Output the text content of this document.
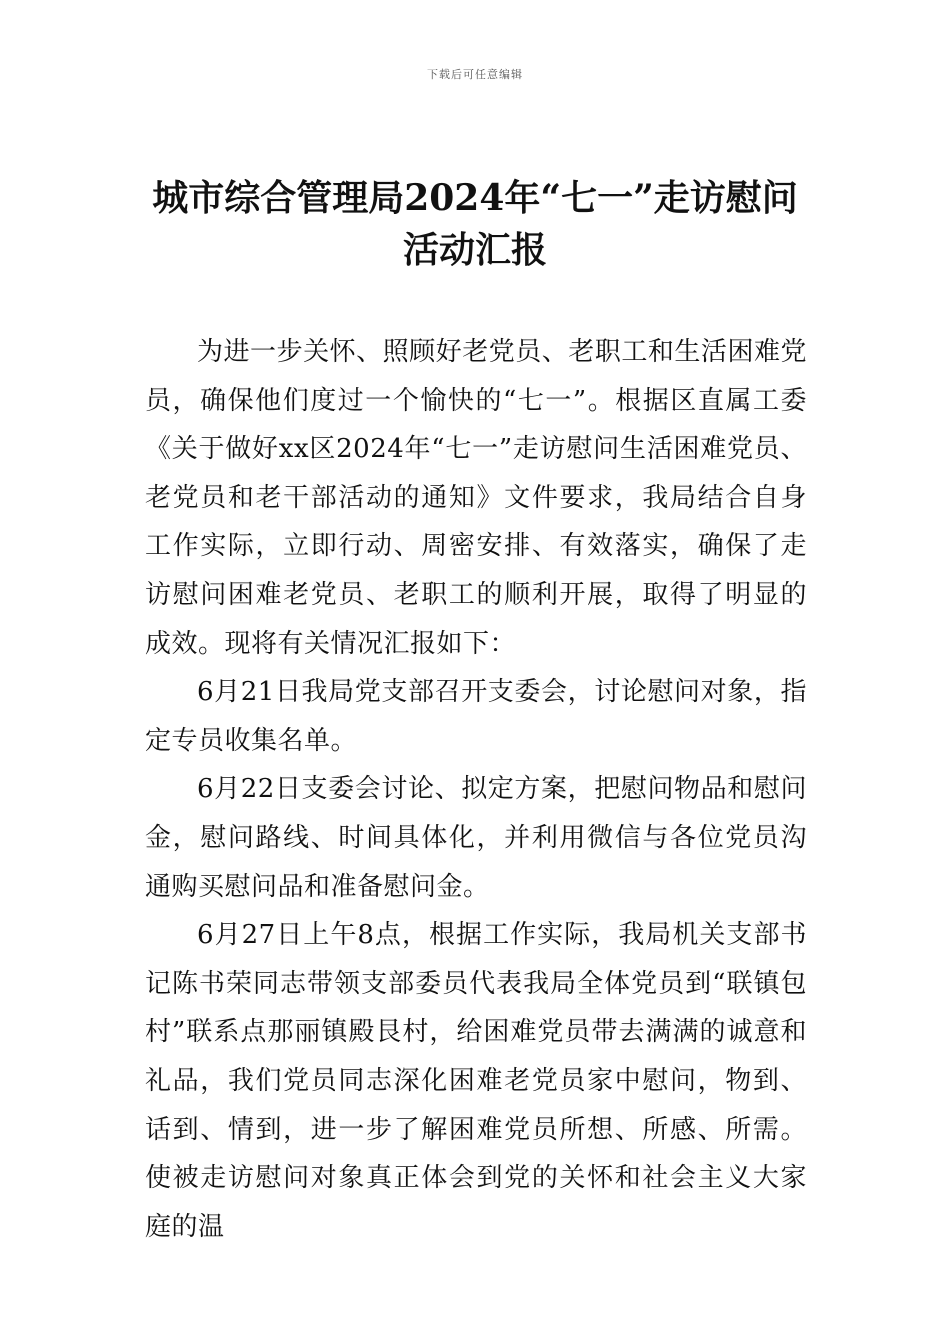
下载后可任意编辑
城市综合管理局2024年“七一”走访慰问活动汇报

为进一步关怀、照顾好老党员、老职工和生活困难党员，确保他们度过一个愉快的“七一”。根据区直属工委《关于做好xx区2024年“七一”走访慰问生活困难党员、老党员和老干部活动的通知》文件要求，我局结合自身工作实际，立即行动、周密安排、有效落实，确保了走访慰问困难老党员、老职工的顺利开展，取得了明显的成效。现将有关情况汇报如下：

6月21日我局党支部召开支委会，讨论慰问对象，指定专员收集名单。

6月22日支委会讨论、拟定方案，把慰问物品和慰问金，慰问路线、时间具体化，并利用微信与各位党员沟通购买慰问品和准备慰问金。

6月27日上午8点，根据工作实际，我局机关支部书记陈书荣同志带领支部委员代表我局全体党员到“联镇包村”联系点那丽镇殿艮村，给困难党员带去满满的诚意和礼品，我们党员同志深化困难老党员家中慰问，物到、话到、情到，进一步了解困难党员所想、所感、所需。使被走访慰问对象真正体会到党的关怀和社会主义大家庭的温
